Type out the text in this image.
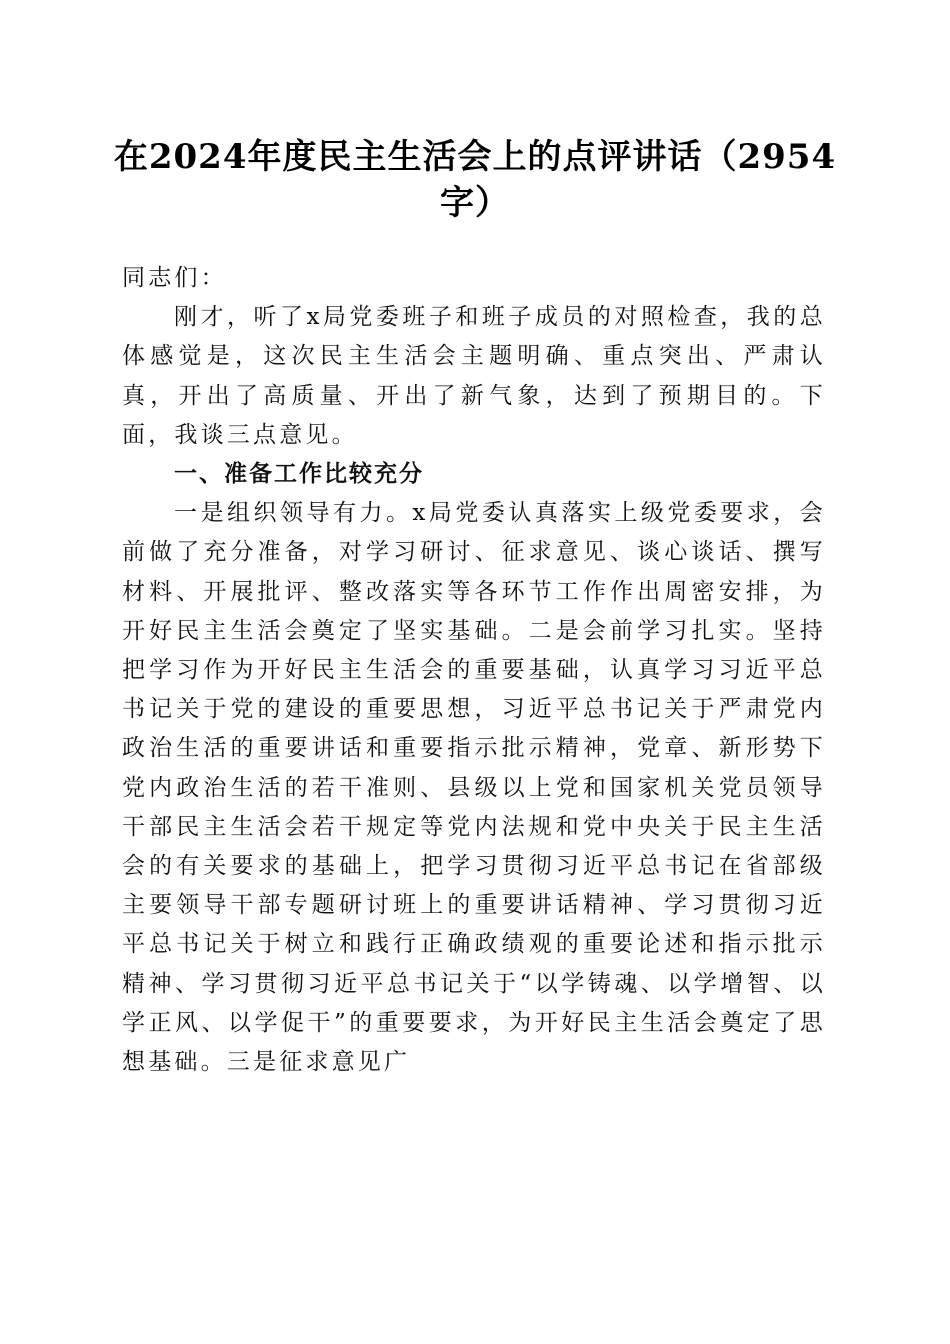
在2024年度民主生活会上的点评讲话（2954字）

同志们：

刚才，听了x局党委班子和班子成员的对照检查，我的总体感觉是，这次民主生活会主题明确、重点突出、严肃认真，开出了高质量、开出了新气象，达到了预期目的。下面，我谈三点意见。

一、准备工作比较充分

一是组织领导有力。x局党委认真落实上级党委要求，会前做了充分准备，对学习研讨、征求意见、谈心谈话、撰写材料、开展批评、整改落实等各环节工作作出周密安排，为开好民主生活会奠定了坚实基础。二是会前学习扎实。坚持把学习作为开好民主生活会的重要基础，认真学习习近平总书记关于党的建设的重要思想，习近平总书记关于严肃党内政治生活的重要讲话和重要指示批示精神，党章、新形势下党内政治生活的若干准则、县级以上党和国家机关党员领导干部民主生活会若干规定等党内法规和党中央关于民主生活会的有关要求的基础上，把学习贯彻习近平总书记在省部级主要领导干部专题研讨班上的重要讲话精神、学习贯彻习近平总书记关于树立和践行正确政绩观的重要论述和指示批示精神、学习贯彻习近平总书记关于“以学铸魂、以学增智、以学正风、以学促干”的重要要求，为开好民主生活会奠定了思想基础。三是征求意见广
